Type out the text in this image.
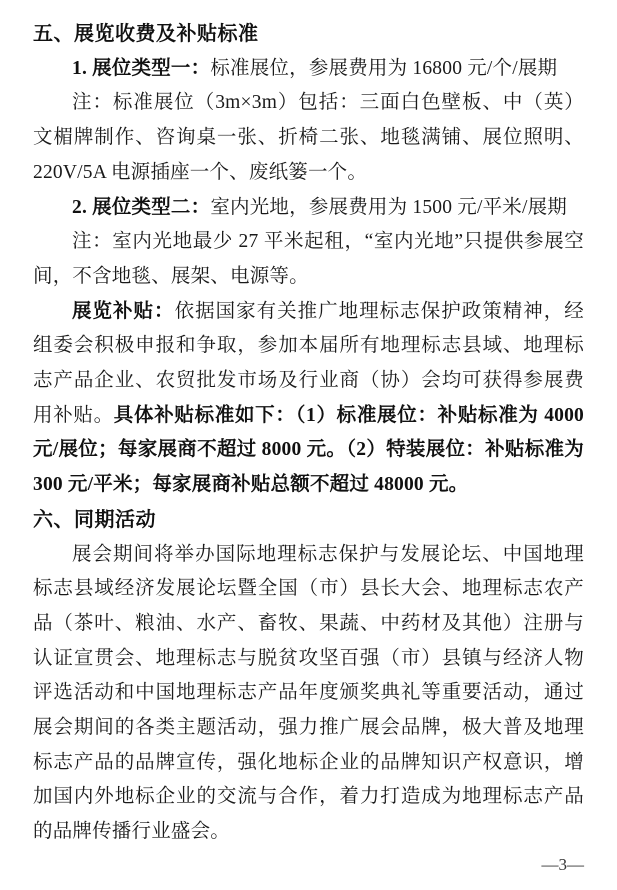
五、展览收费及补贴标准

1. 展位类型一：标准展位，参展费用为 16800 元/个/展期

注：标准展位（3m×3m）包括：三面白色壁板、中（英）文楣牌制作、咨询桌一张、折椅二张、地毯满铺、展位照明、220V/5A 电源插座一个、废纸篓一个。

2. 展位类型二：室内光地，参展费用为 1500 元/平米/展期

注：室内光地最少 27 平米起租，“室内光地”只提供参展空间，不含地毯、展架、电源等。

展览补贴：依据国家有关推广地理标志保护政策精神，经组委会积极申报和争取，参加本届所有地理标志县域、地理标志产品企业、农贸批发市场及行业商（协）会均可获得参展费用补贴。具体补贴标准如下：（1）标准展位：补贴标准为 4000 元/展位；每家展商不超过 8000 元。（2）特装展位：补贴标准为 300 元/平米；每家展商补贴总额不超过 48000 元。

六、同期活动

展会期间将举办国际地理标志保护与发展论坛、中国地理标志县域经济发展论坛暨全国（市）县长大会、地理标志农产品（茶叶、粮油、水产、畜牧、果蔬、中药材及其他）注册与认证宣贯会、地理标志与脱贫攻坚百强（市）县镇与经济人物评选活动和中国地理标志产品年度颁奖典礼等重要活动，通过展会期间的各类主题活动，强力推广展会品牌，极大普及地理标志产品的品牌宣传，强化地标企业的品牌知识产权意识，增加国内外地标企业的交流与合作，着力打造成为地理标志产品的品牌传播行业盛会。

—3—
